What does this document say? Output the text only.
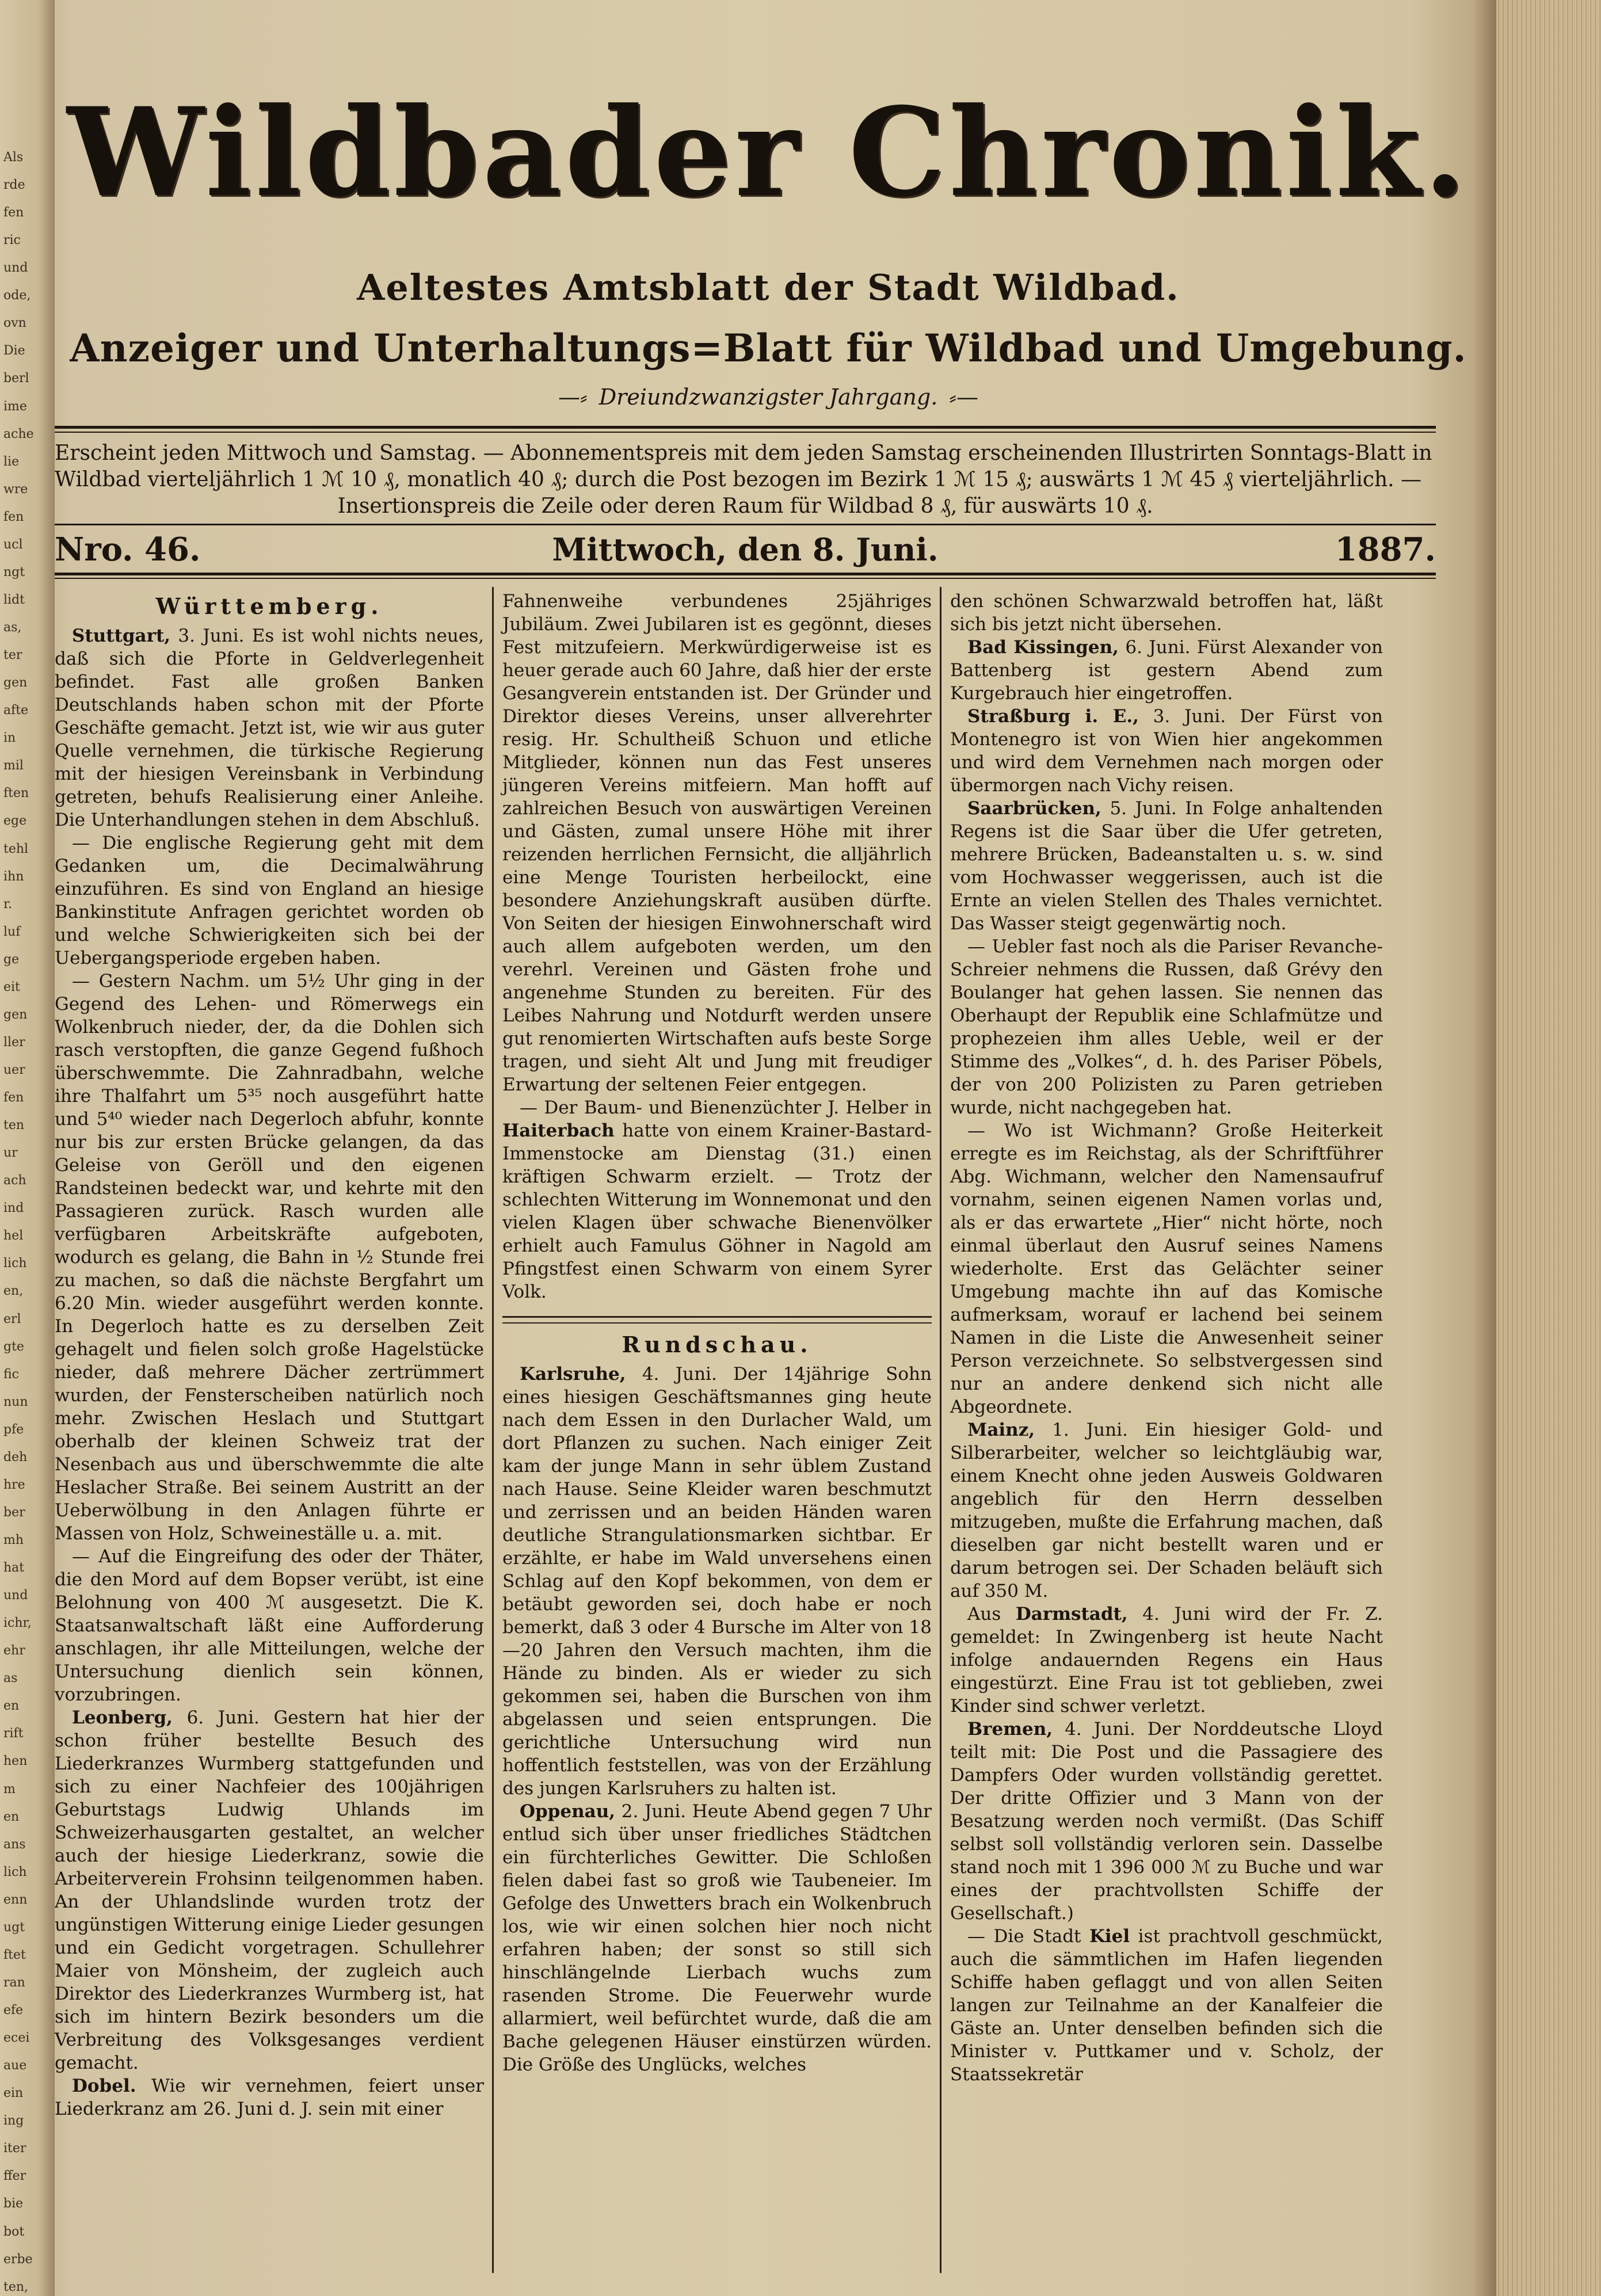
Als
rde
fen
ric
und
ode,
ovn
Die
berl
ime
ache
lie
wre
fen
ucl
ngt
lidt
as,
ter
gen
afte
in
mil
ften
ege
tehl
ihn
r.
luf
ge
eit
gen
ller
uer
fen
ten
ur
ach
ind
hel
lich
en,
erl
gte
fic
nun
pfe
deh
hre
ber
mh
hat
und
ichr,
ehr
as
en
rift
hen
m
en
ans
lich
enn
ugt
ftet
ran
efe
ecei
aue
ein
ing
iter
ffer
bie
bot
erbe
ten,
Wildbader Chronik.
Aeltestes Amtsblatt der Stadt Wildbad.
Anzeiger und Unterhaltungs=Blatt für Wildbad und Umgebung.
—⸗ Dreiundzwanzigster Jahrgang. ⸗—

Erscheint jeden Mittwoch und Samstag. — Abonnementspreis mit dem jeden Samstag erscheinenden Illustrirten Sonntags-Blatt in

Wildbad vierteljährlich 1 ℳ 10 ₰, monatlich 40 ₰; durch die Post bezogen im Bezirk 1 ℳ 15 ₰; auswärts 1 ℳ 45 ₰ vierteljährlich. —

Insertionspreis die Zeile oder deren Raum für Wildbad 8 ₰, für auswärts 10 ₰.

Nro. 46.	Mittwoch, den 8. Juni.	1887.
Württemberg.

Stuttgart, 3. Juni. Es ist wohl nichts neues, daß sich die Pforte in Geldverlegenheit befindet. Fast alle großen Banken Deutschlands haben schon mit der Pforte Geschäfte gemacht. Jetzt ist, wie wir aus guter Quelle vernehmen, die türkische Regierung mit der hiesigen Vereinsbank in Verbindung getreten, behufs Realisierung einer Anleihe. Die Unterhandlungen stehen in dem Abschluß.

— Die englische Regierung geht mit dem Gedanken um, die Decimalwährung einzuführen. Es sind von England an hiesige Bankinstitute Anfragen gerichtet worden ob und welche Schwierigkeiten sich bei der Uebergangsperiode ergeben haben.

— Gestern Nachm. um 5½ Uhr ging in der Gegend des Lehen- und Römerwegs ein Wolkenbruch nieder, der, da die Dohlen sich rasch verstopften, die ganze Gegend fußhoch überschwemmte. Die Zahnradbahn, welche ihre Thalfahrt um 5³⁵ noch ausgeführt hatte und 5⁴⁰ wieder nach Degerloch abfuhr, konnte nur bis zur ersten Brücke gelangen, da das Geleise von Geröll und den eigenen Randsteinen bedeckt war, und kehrte mit den Passagieren zurück. Rasch wurden alle verfügbaren Arbeitskräfte aufgeboten, wodurch es gelang, die Bahn in ½ Stunde frei zu machen, so daß die nächste Bergfahrt um 6.20 Min. wieder ausgeführt werden konnte. In Degerloch hatte es zu derselben Zeit gehagelt und fielen solch große Hagelstücke nieder, daß mehrere Dächer zertrümmert wurden, der Fensterscheiben natürlich noch mehr. Zwischen Heslach und Stuttgart oberhalb der kleinen Schweiz trat der Nesenbach aus und überschwemmte die alte Heslacher Straße. Bei seinem Austritt an der Ueberwölbung in den Anlagen führte er Massen von Holz, Schweineställe u. a. mit.

— Auf die Eingreifung des oder der Thäter, die den Mord auf dem Bopser verübt, ist eine Belohnung von 400 ℳ ausgesetzt. Die K. Staatsanwaltschaft läßt eine Aufforderung anschlagen, ihr alle Mitteilungen, welche der Untersuchung dienlich sein können, vorzubringen.

Leonberg, 6. Juni. Gestern hat hier der schon früher bestellte Besuch des Liederkranzes Wurmberg stattgefunden und sich zu einer Nachfeier des 100jährigen Geburtstags Ludwig Uhlands im Schweizerhausgarten gestaltet, an welcher auch der hiesige Liederkranz, sowie die Arbeiterverein Frohsinn teilgenommen haben. An der Uhlandslinde wurden trotz der ungünstigen Witterung einige Lieder gesungen und ein Gedicht vorgetragen. Schullehrer Maier von Mönsheim, der zugleich auch Direktor des Liederkranzes Wurmberg ist, hat sich im hintern Bezirk besonders um die Verbreitung des Volksgesanges verdient gemacht.

Dobel. Wie wir vernehmen, feiert unser Liederkranz am 26. Juni d. J. sein mit einer

Fahnenweihe verbundenes 25jähriges Jubiläum. Zwei Jubilaren ist es gegönnt, dieses Fest mitzufeiern. Merkwürdigerweise ist es heuer gerade auch 60 Jahre, daß hier der erste Gesangverein entstanden ist. Der Gründer und Direktor dieses Vereins, unser allverehrter resig. Hr. Schultheiß Schuon und etliche Mitglieder, können nun das Fest unseres jüngeren Vereins mitfeiern. Man hofft auf zahlreichen Besuch von auswärtigen Vereinen und Gästen, zumal unsere Höhe mit ihrer reizenden herrlichen Fernsicht, die alljährlich eine Menge Touristen herbeilockt, eine besondere Anziehungskraft ausüben dürfte. Von Seiten der hiesigen Einwohnerschaft wird auch allem aufgeboten werden, um den verehrl. Vereinen und Gästen frohe und angenehme Stunden zu bereiten. Für des Leibes Nahrung und Notdurft werden unsere gut renomierten Wirtschaften aufs beste Sorge tragen, und sieht Alt und Jung mit freudiger Erwartung der seltenen Feier entgegen.

— Der Baum- und Bienenzüchter J. Helber in Haiterbach hatte von einem Krainer-Bastard-Immenstocke am Dienstag (31.) einen kräftigen Schwarm erzielt. — Trotz der schlechten Witterung im Wonnemonat und den vielen Klagen über schwache Bienenvölker erhielt auch Famulus Göhner in Nagold am Pfingstfest einen Schwarm von einem Syrer Volk.

Rundschau.

Karlsruhe, 4. Juni. Der 14jährige Sohn eines hiesigen Geschäftsmannes ging heute nach dem Essen in den Durlacher Wald, um dort Pflanzen zu suchen. Nach einiger Zeit kam der junge Mann in sehr üblem Zustand nach Hause. Seine Kleider waren beschmutzt und zerrissen und an beiden Händen waren deutliche Strangulationsmarken sichtbar. Er erzählte, er habe im Wald unversehens einen Schlag auf den Kopf bekommen, von dem er betäubt geworden sei, doch habe er noch bemerkt, daß 3 oder 4 Bursche im Alter von 18—20 Jahren den Versuch machten, ihm die Hände zu binden. Als er wieder zu sich gekommen sei, haben die Burschen von ihm abgelassen und seien entsprungen. Die gerichtliche Untersuchung wird nun hoffentlich feststellen, was von der Erzählung des jungen Karlsruhers zu halten ist.

Oppenau, 2. Juni. Heute Abend gegen 7 Uhr entlud sich über unser friedliches Städtchen ein fürchterliches Gewitter. Die Schloßen fielen dabei fast so groß wie Taubeneier. Im Gefolge des Unwetters brach ein Wolkenbruch los, wie wir einen solchen hier noch nicht erfahren haben; der sonst so still sich hinschlängelnde Lierbach wuchs zum rasenden Strome. Die Feuerwehr wurde allarmiert, weil befürchtet wurde, daß die am Bache gelegenen Häuser einstürzen würden. Die Größe des Unglücks, welches

den schönen Schwarzwald betroffen hat, läßt sich bis jetzt nicht übersehen.

Bad Kissingen, 6. Juni. Fürst Alexander von Battenberg ist gestern Abend zum Kurgebrauch hier eingetroffen.

Straßburg i. E., 3. Juni. Der Fürst von Montenegro ist von Wien hier angekommen und wird dem Vernehmen nach morgen oder übermorgen nach Vichy reisen.

Saarbrücken, 5. Juni. In Folge anhaltenden Regens ist die Saar über die Ufer getreten, mehrere Brücken, Badeanstalten u. s. w. sind vom Hochwasser weggerissen, auch ist die Ernte an vielen Stellen des Thales vernichtet. Das Wasser steigt gegenwärtig noch.

— Uebler fast noch als die Pariser Revanche-Schreier nehmens die Russen, daß Grévy den Boulanger hat gehen lassen. Sie nennen das Oberhaupt der Republik eine Schlafmütze und prophezeien ihm alles Ueble, weil er der Stimme des „Volkes“, d. h. des Pariser Pöbels, der von 200 Polizisten zu Paren getrieben wurde, nicht nachgegeben hat.

— Wo ist Wichmann? Große Heiterkeit erregte es im Reichstag, als der Schriftführer Abg. Wichmann, welcher den Namensaufruf vornahm, seinen eigenen Namen vorlas und, als er das erwartete „Hier“ nicht hörte, noch einmal überlaut den Ausruf seines Namens wiederholte. Erst das Gelächter seiner Umgebung machte ihn auf das Komische aufmerksam, worauf er lachend bei seinem Namen in die Liste die Anwesenheit seiner Person verzeichnete. So selbstvergessen sind nur an andere denkend sich nicht alle Abgeordnete.

Mainz, 1. Juni. Ein hiesiger Gold- und Silberarbeiter, welcher so leichtgläubig war, einem Knecht ohne jeden Ausweis Goldwaren angeblich für den Herrn desselben mitzugeben, mußte die Erfahrung machen, daß dieselben gar nicht bestellt waren und er darum betrogen sei. Der Schaden beläuft sich auf 350 M.

Aus Darmstadt, 4. Juni wird der Fr. Z. gemeldet: In Zwingenberg ist heute Nacht infolge andauernden Regens ein Haus eingestürzt. Eine Frau ist tot geblieben, zwei Kinder sind schwer verletzt.

Bremen, 4. Juni. Der Norddeutsche Lloyd teilt mit: Die Post und die Passagiere des Dampfers Oder wurden vollständig gerettet. Der dritte Offizier und 3 Mann von der Besatzung werden noch vermißt. (Das Schiff selbst soll vollständig verloren sein. Dasselbe stand noch mit 1 396 000 ℳ zu Buche und war eines der prachtvollsten Schiffe der Gesellschaft.)

— Die Stadt Kiel ist prachtvoll geschmückt, auch die sämmtlichen im Hafen liegenden Schiffe haben geflaggt und von allen Seiten langen zur Teilnahme an der Kanalfeier die Gäste an. Unter denselben befinden sich die Minister v. Puttkamer und v. Scholz, der Staatssekretär
